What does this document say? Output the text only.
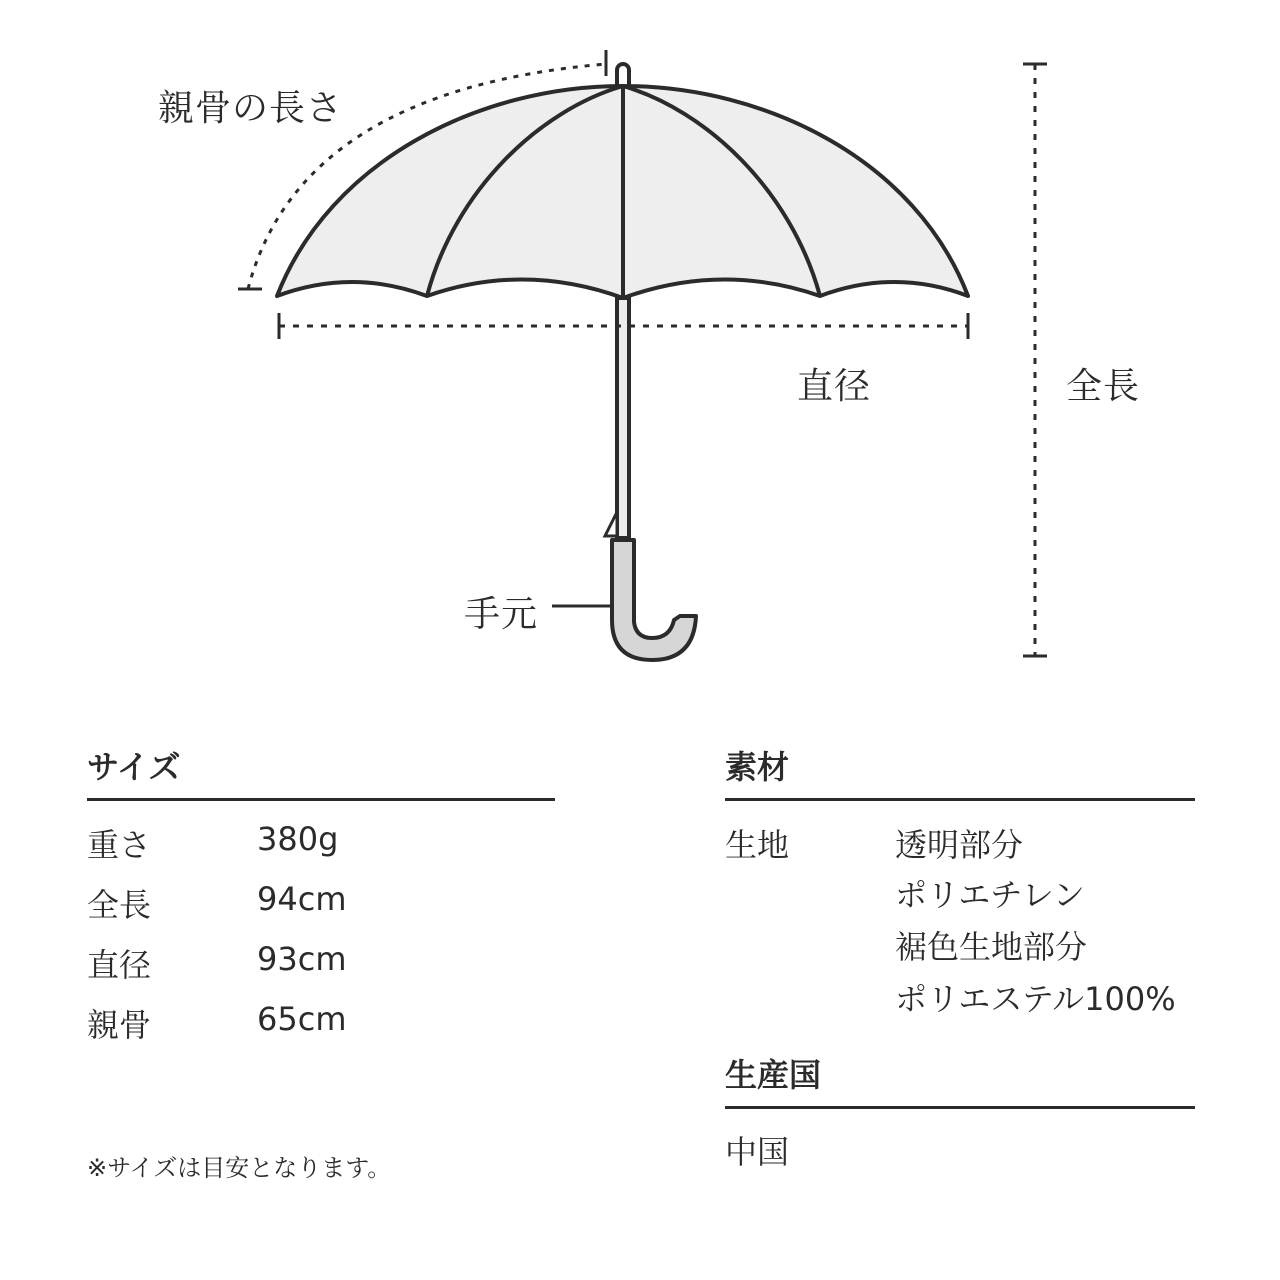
親骨の長さ
直径	全長
手元
サイズ
重さ	380g
全長	94cm
直径	93cm
親骨	65cm
※サイズは目安となります。
素材
生地	透明部分
ポリエチレン
裾色生地部分
ポリエステル100%
生産国
中国
